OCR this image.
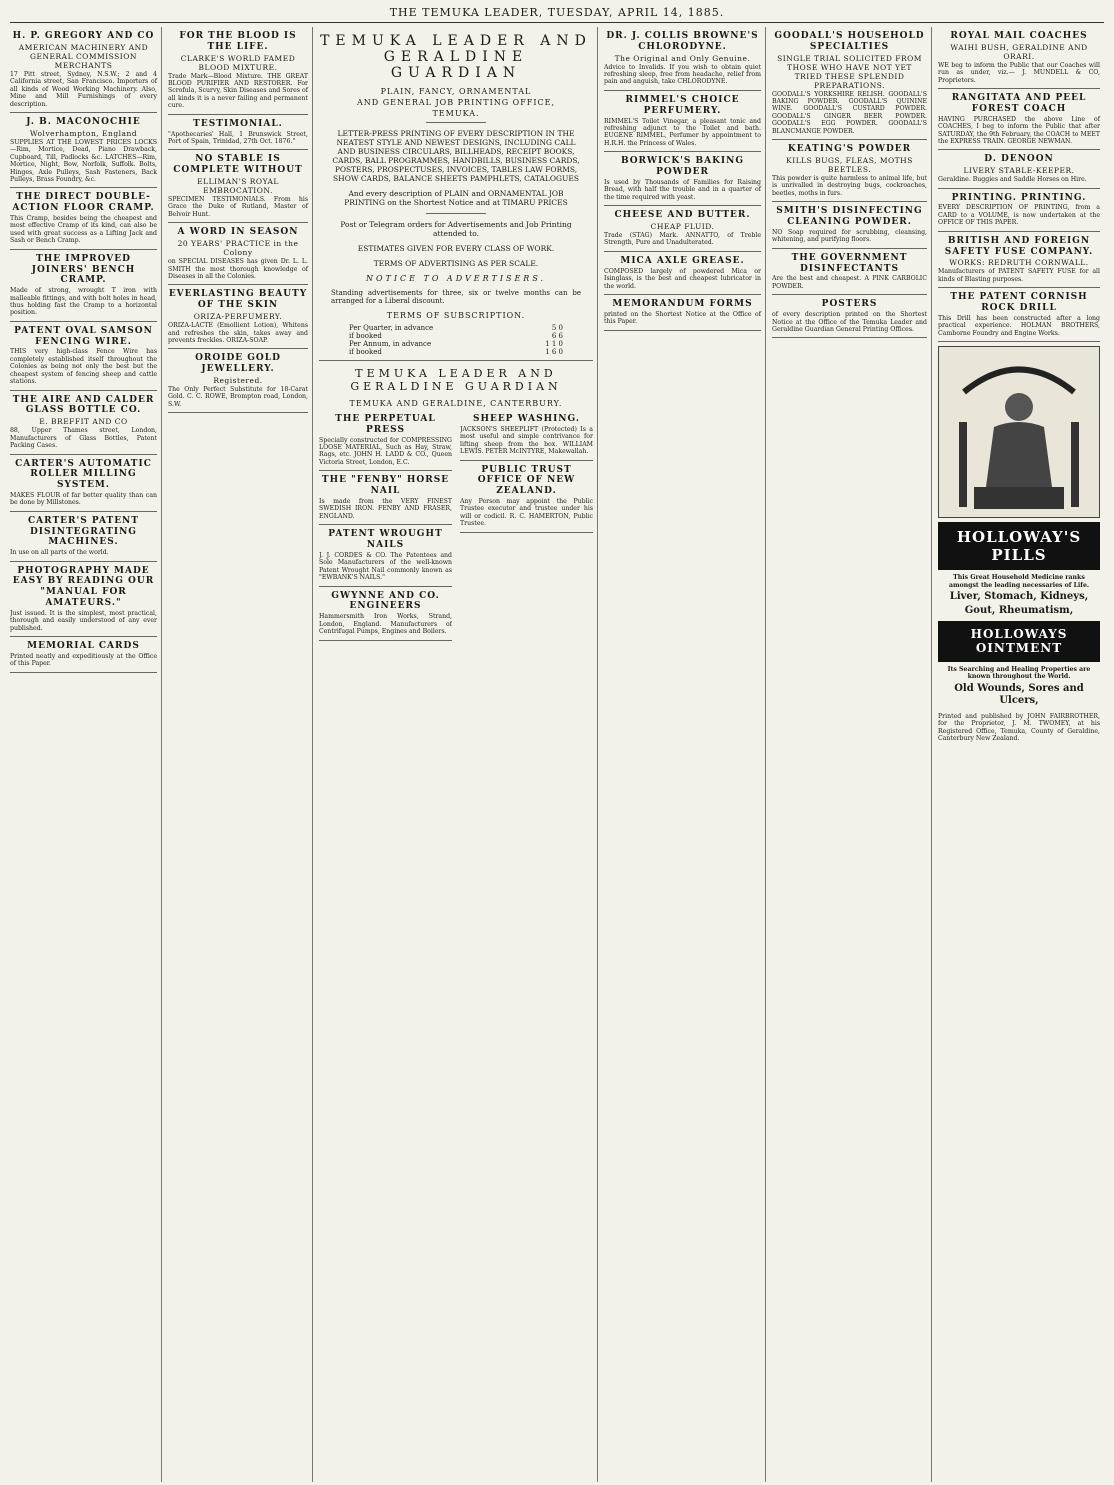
THE TEMUKA LEADER, TUESDAY, APRIL 14, 1885.
H. P. GREGORY AND CO
AMERICAN MACHINERY AND GENERAL COMMISSION MERCHANTS

17 Pitt street, Sydney, N.S.W.; 2 and 4 California street, San Francisco. Importers of all kinds of Wood Working Machinery. Also, Mine and Mill Furnishings of every description.

J. B. MACONOCHIE
Wolverhampton, England

SUPPLIES AT THE LOWEST PRICES LOCKS—Rim, Mortice, Dead, Piano Drawback, Cupboard, Till, Padlocks &c. LATCHES—Rim, Mortice, Night, Bow, Norfolk, Suffolk. Bolts, Hinges, Axle Pulleys, Sash Fasteners, Back Pulleys, Brass Foundry, &c.

THE DIRECT DOUBLE-ACTION FLOOR CRAMP.

This Cramp, besides being the cheapest and most effective Cramp of its kind, can also be used with great success as a Lifting Jack and Sash or Bench Cramp.

THE IMPROVED JOINERS' BENCH CRAMP.

Made of strong, wrought T iron with malleable fittings, and with bolt holes in head, thus holding fast the Cramp to a horizontal position.

PATENT OVAL SAMSON FENCING WIRE.

THIS very high-class Fence Wire has completely established itself throughout the Colonies as being not only the best but the cheapest system of fencing sheep and cattle stations.

THE AIRE AND CALDER GLASS BOTTLE CO.
E. BREFFIT AND CO

88, Upper Thames street, London, Manufacturers of Glass Bottles, Patent Packing Cases.

CARTER'S AUTOMATIC ROLLER MILLING SYSTEM.

MAKES FLOUR of far better quality than can be done by Millstones.

CARTER'S PATENT DISINTEGRATING MACHINES.

In use on all parts of the world.

PHOTOGRAPHY MADE EASY BY READING OUR "MANUAL FOR AMATEURS."

Just issued. It is the simplest, most practical, thorough and easily understood of any ever published.

MEMORIAL CARDS

Printed neatly and expeditiously at the Office of this Paper.

FOR THE BLOOD IS THE LIFE.
CLARKE'S WORLD FAMED BLOOD MIXTURE.

Trade Mark—Blood Mixture. THE GREAT BLOOD PURIFIER AND RESTORER. For Scrofula, Scurvy, Skin Diseases and Sores of all kinds it is a never failing and permanent cure.

TESTIMONIAL.

"Apothecaries' Hall, 1 Brunswick Street, Port of Spain, Trinidad, 27th Oct. 1876."

NO STABLE IS COMPLETE WITHOUT
ELLIMAN'S ROYAL EMBROCATION.

SPECIMEN TESTIMONIALS. From his Grace the Duke of Rutland, Master of Belvoir Hunt.

A WORD IN SEASON
20 YEARS' PRACTICE in the Colony

on SPECIAL DISEASES has given Dr. L. L. SMITH the most thorough knowledge of Diseases in all the Colonies.

EVERLASTING BEAUTY OF THE SKIN
ORIZA-PERFUMERY.

ORIZA-LACTE (Emollient Lotion), Whitens and refreshes the skin, takes away and prevents freckles. ORIZA-SOAP.

OROIDE GOLD JEWELLERY.
Registered.

The Only Perfect Substitute for 18-Carat Gold. C. C. ROWE, Brompton road, London, S.W.

TEMUKA LEADER AND GERALDINE GUARDIAN
PLAIN, FANCY, ORNAMENTAL
AND GENERAL JOB PRINTING OFFICE,
TEMUKA.
LETTER-PRESS PRINTING OF EVERY DESCRIPTION IN THE NEATEST STYLE AND NEWEST DESIGNS, INCLUDING CALL AND BUSINESS CIRCULARS, BILLHEADS, RECEIPT BOOKS, CARDS, BALL PROGRAMMES, HANDBILLS, BUSINESS CARDS, POSTERS, PROSPECTUSES, INVOICES, TABLES LAW FORMS, SHOW CARDS, BALANCE SHEETS PAMPHLETS, CATALOGUES
And every description of PLAIN and ORNAMENTAL JOB PRINTING on the Shortest Notice and at TIMARU PRICES
Post or Telegram orders for Advertisements and Job Printing attended to.
ESTIMATES GIVEN FOR EVERY CLASS OF WORK.
TERMS OF ADVERTISING AS PER SCALE.
NOTICE TO ADVERTISERS.
Standing advertisements for three, six or twelve months can be arranged for a Liberal discount.
TERMS OF SUBSCRIPTION.
Per Quarter, in advance	5 0
if booked	6 6
Per Annum, in advance	1 1 0
if booked	1 6 0
TEMUKA LEADER AND GERALDINE GUARDIAN
TEMUKA AND GERALDINE, CANTERBURY.
THE PERPETUAL PRESS

Specially constructed for COMPRESSING LOOSE MATERIAL, Such as Hay, Straw, Rags, etc. JOHN H. LADD & CO., Queen Victoria Street, London, E.C.

THE "FENBY" HORSE NAIL

Is made from the VERY FINEST SWEDISH IRON. FENBY AND FRASER, ENGLAND.

PATENT WROUGHT NAILS

J. J. CORDES & CO. The Patentees and Sole Manufacturers of the well-known Patent Wrought Nail commonly known as "EWBANK'S NAILS."

GWYNNE AND CO. ENGINEERS

Hammersmith Iron Works, Strand, London, England. Manufacturers of Centrifugal Pumps, Engines and Boilers.

SHEEP WASHING.

JACKSON'S SHEEPLIFT (Protected) Is a most useful and simple contrivance for lifting sheep from the box. WILLIAM LEWIS. PETER McINTYRE, Makewallah.

PUBLIC TRUST OFFICE OF NEW ZEALAND.

Any Person may appoint the Public Trustee executor and trustee under his will or codicil. R. C. HAMERTON, Public Trustee.

DR. J. COLLIS BROWNE'S CHLORODYNE.
The Original and Only Genuine.

Advice to Invalids. If you wish to obtain quiet refreshing sleep, free from headache, relief from pain and anguish, take CHLORODYNE.

RIMMEL'S CHOICE PERFUMERY.

RIMMEL'S Toilet Vinegar, a pleasant tonic and refreshing adjunct to the Toilet and bath. EUGENE RIMMEL, Perfumer by appointment to H.R.H. the Princess of Wales.

BORWICK'S BAKING POWDER

Is used by Thousands of Families for Raising Bread, with half the trouble and in a quarter of the time required with yeast.

CHEESE AND BUTTER.
CHEAP FLUID.

Trade (STAG) Mark. ANNATTO, of Treble Strength, Pure and Unadulterated.

MICA AXLE GREASE.

COMPOSED largely of powdered Mica or Isinglass, is the best and cheapest lubricator in the world.

MEMORANDUM FORMS

printed on the Shortest Notice at the Office of this Paper.

GOODALL'S HOUSEHOLD SPECIALTIES
SINGLE TRIAL SOLICITED FROM THOSE WHO HAVE NOT YET TRIED THESE SPLENDID PREPARATIONS.

GOODALL'S YORKSHIRE RELISH. GOODALL'S BAKING POWDER. GOODALL'S QUININE WINE. GOODALL'S CUSTARD POWDER. GOODALL'S GINGER BEER POWDER. GOODALL'S EGG POWDER. GOODALL'S BLANCMANGE POWDER.

KEATING'S POWDER
KILLS BUGS, FLEAS, MOTHS BEETLES.

This powder is quite harmless to animal life, but is unrivalled in destroying bugs, cockroaches, beetles, moths in furs.

SMITH'S DISINFECTING CLEANING POWDER.

NO Soap required for scrubbing, cleansing, whitening, and purifying floors.

THE GOVERNMENT DISINFECTANTS

Are the best and cheapest. A PINK CARBOLIC POWDER.

POSTERS

of every description printed on the Shortest Notice at the Office of the Temuka Leader and Geraldine Guardian General Printing Offices.

ROYAL MAIL COACHES
WAIHI BUSH, GERALDINE AND ORARI.

WE beg to inform the Public that our Coaches will run as under, viz.— J. MUNDELL & CO, Proprietors.

RANGITATA AND PEEL FOREST COACH

HAVING PURCHASED the above Line of COACHES, I beg to inform the Public that after SATURDAY, the 9th February, the COACH to MEET the EXPRESS TRAIN. GEORGE NEWMAN.

D. DENOON
LIVERY STABLE-KEEPER.

Geraldine. Buggies and Saddle Horses on Hire.

PRINTING. PRINTING.

EVERY DESCRIPTION OF PRINTING, from a CARD to a VOLUME, is now undertaken at the OFFICE OF THIS PAPER.

BRITISH AND FOREIGN SAFETY FUSE COMPANY.
WORKS: REDRUTH CORNWALL.

Manufacturers of PATENT SAFETY FUSE for all kinds of Blasting purposes.

THE PATENT CORNISH ROCK DRILL

This Drill has been constructed after a long practical experience. HOLMAN BROTHERS, Camborne Foundry and Engine Works.

HOLLOWAY'S PILLS

This Great Household Medicine ranks amongst the leading necessaries of Life.

Liver, Stomach, Kidneys,
Gout, Rheumatism,
HOLLOWAYS OINTMENT

Its Searching and Healing Properties are known throughout the World.

Old Wounds, Sores and Ulcers,

Printed and published by JOHN FAIRBROTHER, for the Proprietor, J. M. TWOMEY, at his Registered Office, Temuka, County of Geraldine, Canterbury New Zealand.
